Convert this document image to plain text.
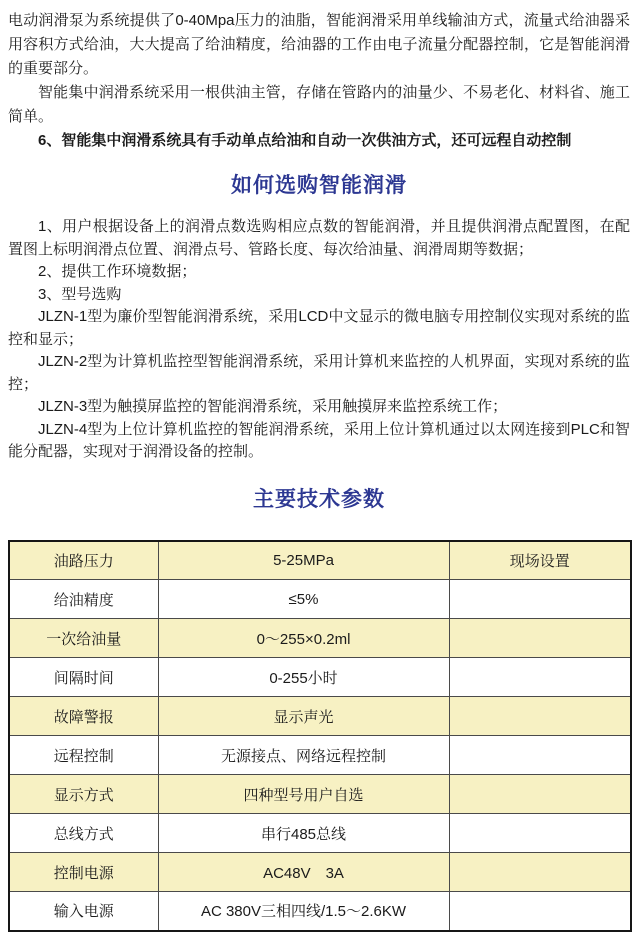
电动润滑泵为系统提供了0-40Mpa压力的油脂，智能润滑采用单线输油方式，流量式给油器采用容积方式给油，大大提高了给油精度，给油器的工作由电子流量分配器控制，它是智能润滑的重要部分。

智能集中润滑系统采用一根供油主管，存储在管路内的油量少、不易老化、材料省、施工简单。

6、智能集中润滑系统具有手动单点给油和自动一次供油方式，还可远程自动控制

如何选购智能润滑

1、用户根据设备上的润滑点数选购相应点数的智能润滑，并且提供润滑点配置图，在配置图上标明润滑点位置、润滑点号、管路长度、每次给油量、润滑周期等数据；

2、提供工作环境数据；

3、型号选购

JLZN-1型为廉价型智能润滑系统，采用LCD中文显示的微电脑专用控制仪实现对系统的监控和显示；

JLZN-2型为计算机监控型智能润滑系统，采用计算机来监控的人机界面，实现对系统的监控；

JLZN-3型为触摸屏监控的智能润滑系统，采用触摸屏来监控系统工作；

JLZN-4型为上位计算机监控的智能润滑系统，采用上位计算机通过以太网连接到PLC和智能分配器，实现对于润滑设备的控制。

主要技术参数
油路压力	5-25MPa	现场设置
给油精度	≤5%	
一次给油量	0～255×0.2ml	
间隔时间	0-255小时	
故障警报	显示声光	
远程控制	无源接点、网络远程控制	
显示方式	四种型号用户自选	
总线方式	串行485总线	
控制电源	AC48V　3A	
输入电源	AC 380V三相四线/1.5～2.6KW	
